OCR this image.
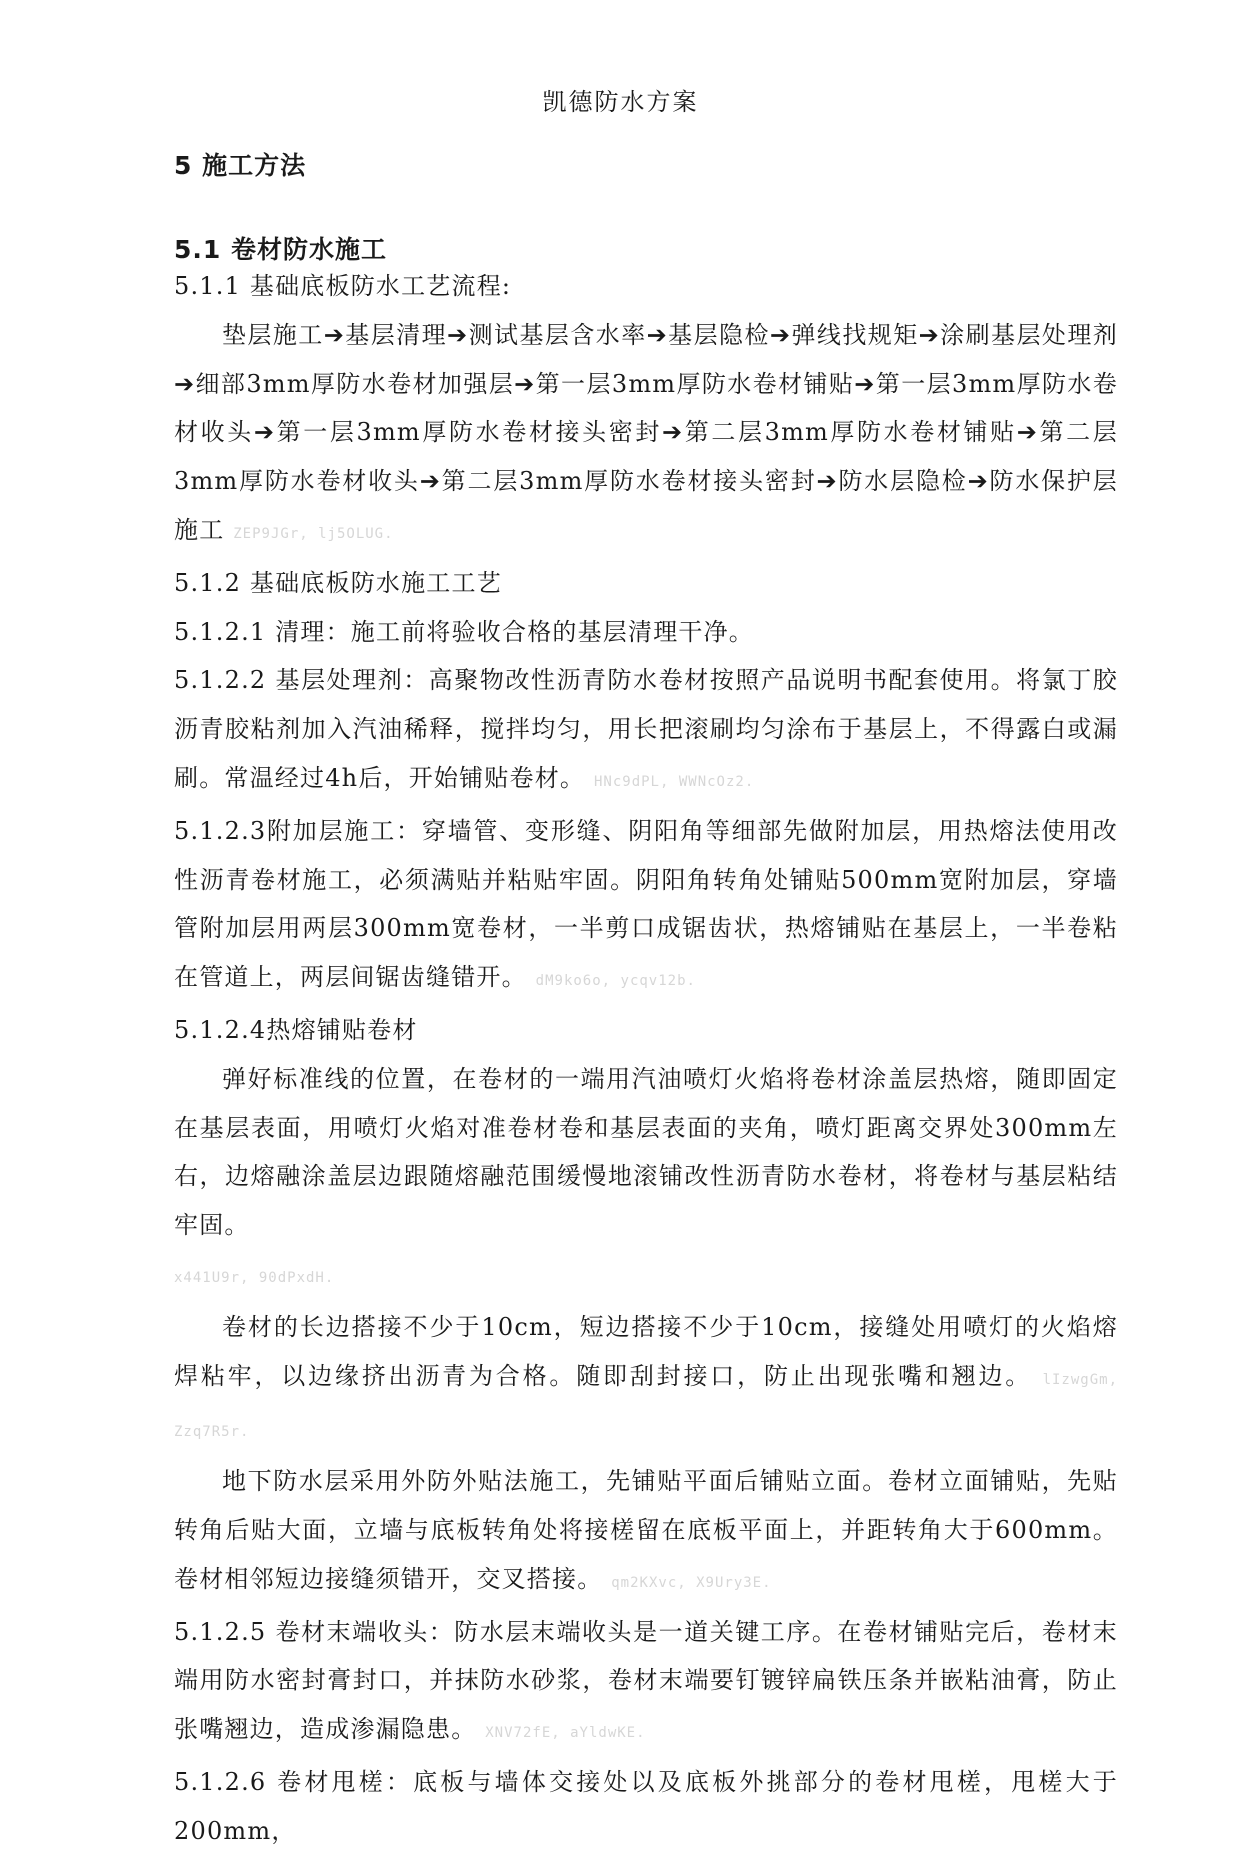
凯德防水方案
5 施工方法
5.1 卷材防水施工

5.1.1 基础底板防水工艺流程:

垫层施工➔基层清理➔测试基层含水率➔基层隐检➔弹线找规矩➔涂刷基层处理剂➔细部3mm厚防水卷材加强层➔第一层3mm厚防水卷材铺贴➔第一层3mm厚防水卷材收头➔第一层3mm厚防水卷材接头密封➔第二层3mm厚防水卷材铺贴➔第二层3mm厚防水卷材收头➔第二层3mm厚防水卷材接头密封➔防水层隐检➔防水保护层施工 ZEP9JGr, lj5OLUG.

5.1.2 基础底板防水施工工艺

5.1.2.1 清理：施工前将验收合格的基层清理干净。

5.1.2.2 基层处理剂：高聚物改性沥青防水卷材按照产品说明书配套使用。将氯丁胶沥青胶粘剂加入汽油稀释，搅拌均匀，用长把滚刷均匀涂布于基层上，不得露白或漏刷。常温经过4h后，开始铺贴卷材。 HNc9dPL, WWNcOz2.

5.1.2.3附加层施工：穿墙管、变形缝、阴阳角等细部先做附加层，用热熔法使用改性沥青卷材施工，必须满贴并粘贴牢固。阴阳角转角处铺贴500mm宽附加层，穿墙管附加层用两层300mm宽卷材，一半剪口成锯齿状，热熔铺贴在基层上，一半卷粘在管道上，两层间锯齿缝错开。 dM9ko6o, ycqv12b.

5.1.2.4热熔铺贴卷材

弹好标准线的位置，在卷材的一端用汽油喷灯火焰将卷材涂盖层热熔，随即固定在基层表面，用喷灯火焰对准卷材卷和基层表面的夹角，喷灯距离交界处300mm左右，边熔融涂盖层边跟随熔融范围缓慢地滚铺改性沥青防水卷材，将卷材与基层粘结牢固。

x441U9r, 90dPxdH.

卷材的长边搭接不少于10cm，短边搭接不少于10cm，接缝处用喷灯的火焰熔焊粘牢，以边缘挤出沥青为合格。随即刮封接口，防止出现张嘴和翘边。 lIzwgGm, Zzq7R5r.

地下防水层采用外防外贴法施工，先铺贴平面后铺贴立面。卷材立面铺贴，先贴转角后贴大面，立墙与底板转角处将接槎留在底板平面上，并距转角大于600mm。卷材相邻短边接缝须错开，交叉搭接。 qm2KXvc, X9Ury3E.

5.1.2.5 卷材末端收头：防水层末端收头是一道关键工序。在卷材铺贴完后，卷材末端用防水密封膏封口，并抹防水砂浆，卷材末端要钉镀锌扁铁压条并嵌粘油膏，防止张嘴翘边，造成渗漏隐患。 XNV72fE, aYldwKE.

5.1.2.6 卷材甩槎：底板与墙体交接处以及底板外挑部分的卷材甩槎，甩槎大于200mm，
